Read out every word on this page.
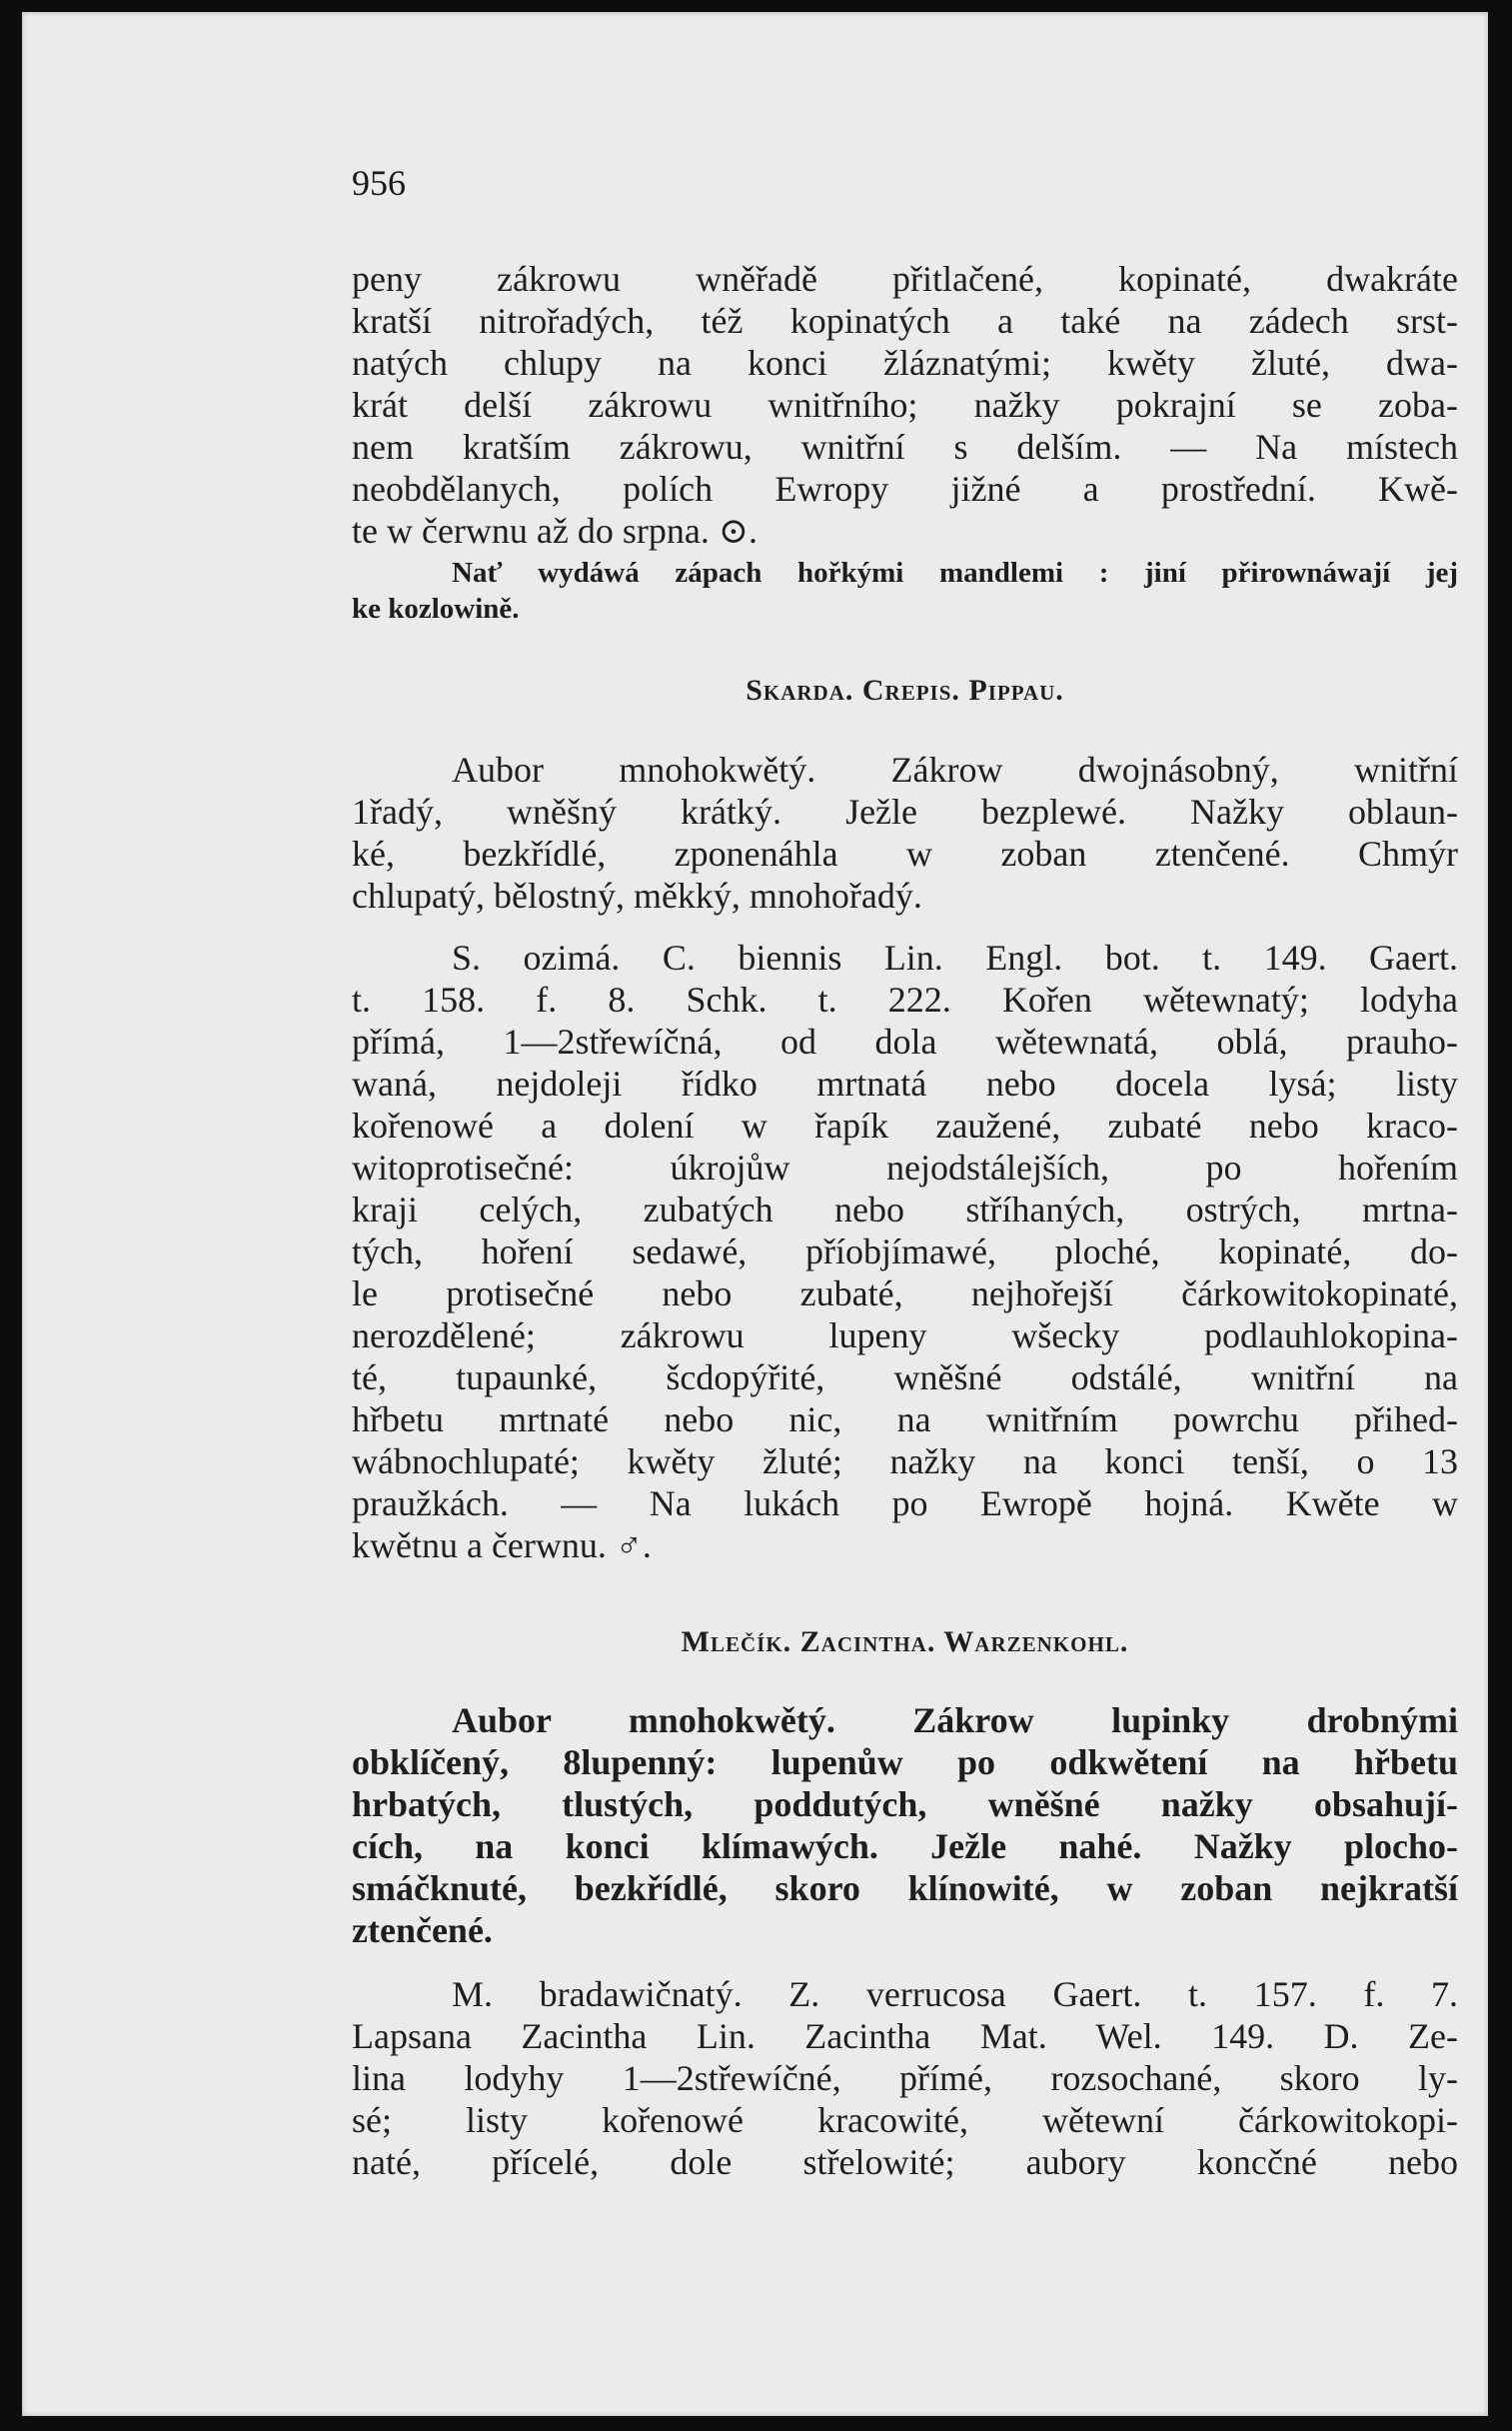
956
peny zákrowu wněřadě přitlačené, kopinaté, dwakráte
kratší nitrořadých, též kopinatých a také na zádech srst-
natých chlupy na konci žláznatými; kwěty žluté, dwa-
krát delší zákrowu wnitřního; nažky pokrajní se zoba-
nem kratším zákrowu, wnitřní s delším. — Na místech
neobdělanych, polích Ewropy jižné a prostřední. Kwě-
te w čerwnu až do srpna. ⊙.
Nať wydáwá zápach hořkými mandlemi : jiní přirownáwají jej
ke kozlowině.
Skarda. Crepis. Pippau.
Aubor mnohokwětý. Zákrow dwojnásobný, wnitřní
1řadý, wněšný krátký. Ježle bezplewé. Nažky oblaun-
ké, bezkřídlé, zponenáhla w zoban ztenčené. Chmýr
chlupatý, bělostný, měkký, mnohořadý.
S. ozimá. C. biennis Lin. Engl. bot. t. 149. Gaert.
t. 158. f. 8. Schk. t. 222. Kořen wětewnatý; lodyha
přímá, 1—2střewíčná, od dola wětewnatá, oblá, prauho-
waná, nejdoleji řídko mrtnatá nebo docela lysá; listy
kořenowé a dolení w řapík zaužené, zubaté nebo kraco-
witoprotisečné: úkrojůw nejodstálejších, po hořením
kraji celých, zubatých nebo stříhaných, ostrých, mrtna-
tých, hoření sedawé, příobjímawé, ploché, kopinaté, do-
le protisečné nebo zubaté, nejhořejší čárkowitokopinaté,
nerozdělené; zákrowu lupeny wšecky podlauhlokopina-
té, tupaunké, šcdopýřité, wněšné odstálé, wnitřní na
hřbetu mrtnaté nebo nic, na wnitřním powrchu přihed-
wábnochlupaté; kwěty žluté; nažky na konci tenší, o 13
praužkách. — Na lukách po Ewropě hojná. Kwěte w
kwětnu a čerwnu. ♂.
Mlečík. Zacintha. Warzenkohl.
Aubor mnohokwětý. Zákrow lupinky drobnými
obklíčený, 8lupenný: lupenůw po odkwětení na hřbetu
hrbatých, tlustých, poddutých, wněšné nažky obsahují-
cích, na konci klímawých. Ježle nahé. Nažky plocho-
smáčknuté, bezkřídlé, skoro klínowité, w zoban nejkratší
ztenčené.
M. bradawičnatý. Z. verrucosa Gaert. t. 157. f. 7.
Lapsana Zacintha Lin. Zacintha Mat. Wel. 149. D. Ze-
lina lodyhy 1—2střewíčné, přímé, rozsochané, skoro ly-
sé; listy kořenowé kracowité, wětewní čárkowitokopi-
naté, přícelé, dole střelowité; aubory koncčné nebo
